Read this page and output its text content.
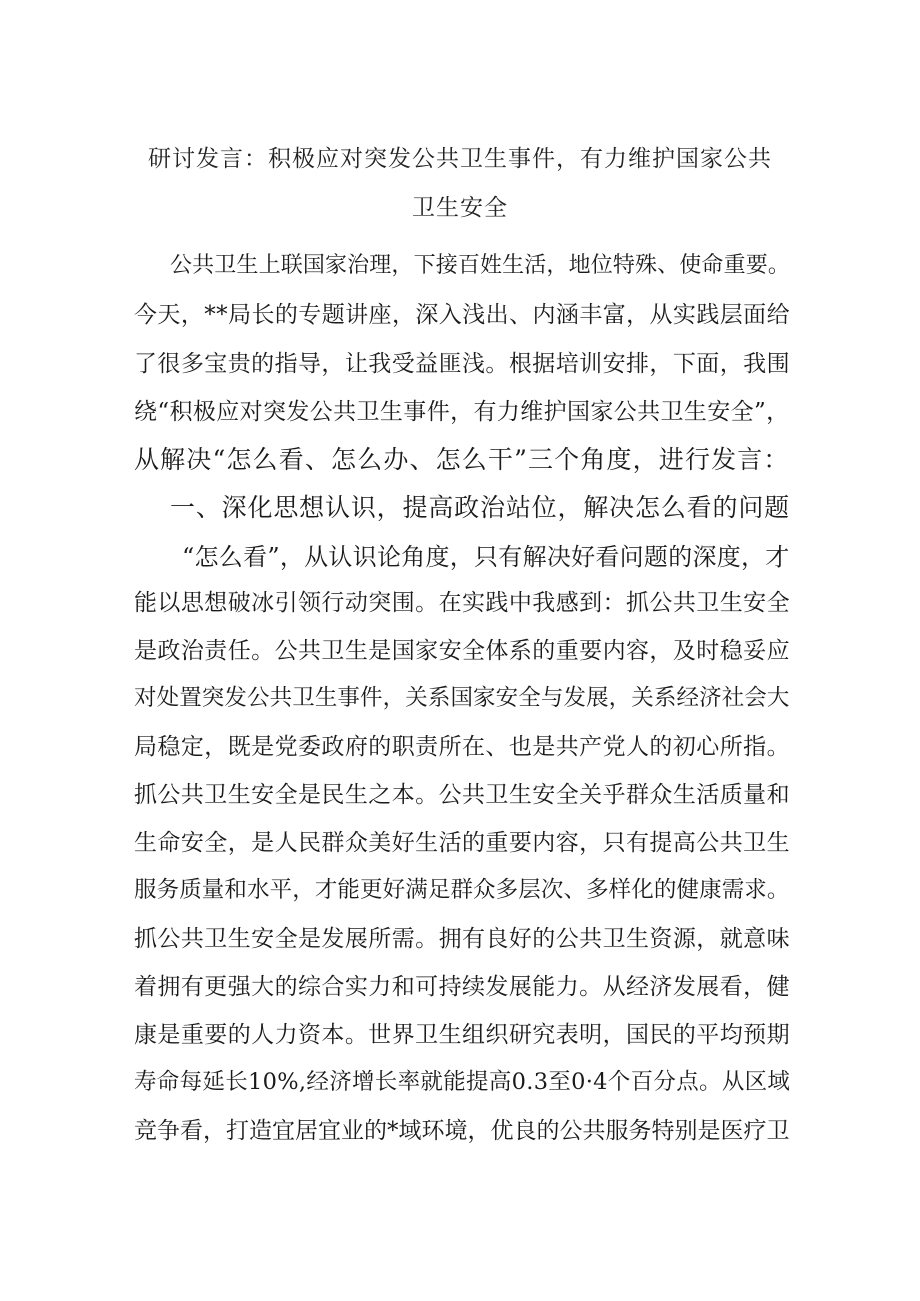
研讨发言：积极应对突发公共卫生事件，有力维护国家公共
卫生安全
公共卫生上联国家治理，下接百姓生活，地位特殊、使命重要。
今天，**局长的专题讲座，深入浅出、内涵丰富，从实践层面给
了很多宝贵的指导，让我受益匪浅。根据培训安排，下面，我围
绕“积极应对突发公共卫生事件，有力维护国家公共卫生安全”，
从解决“怎么看、怎么办、怎么干”三个角度，进行发言：
一、深化思想认识，提高政治站位，解决怎么看的问题
“怎么看”，从认识论角度，只有解决好看问题的深度，才
能以思想破冰引领行动突围。在实践中我感到：抓公共卫生安全
是政治责任。公共卫生是国家安全体系的重要内容，及时稳妥应
对处置突发公共卫生事件，关系国家安全与发展，关系经济社会大
局稳定，既是党委政府的职责所在、也是共产党人的初心所指。
抓公共卫生安全是民生之本。公共卫生安全关乎群众生活质量和
生命安全，是人民群众美好生活的重要内容，只有提高公共卫生
服务质量和水平，才能更好满足群众多层次、多样化的健康需求。
抓公共卫生安全是发展所需。拥有良好的公共卫生资源，就意味
着拥有更强大的综合实力和可持续发展能力。从经济发展看，健
康是重要的人力资本。世界卫生组织研究表明，国民的平均预期
寿命每延长10%,经济增长率就能提高0.3至0·4个百分点。从区域
竞争看，打造宜居宜业的*域环境，优良的公共服务特别是医疗卫
